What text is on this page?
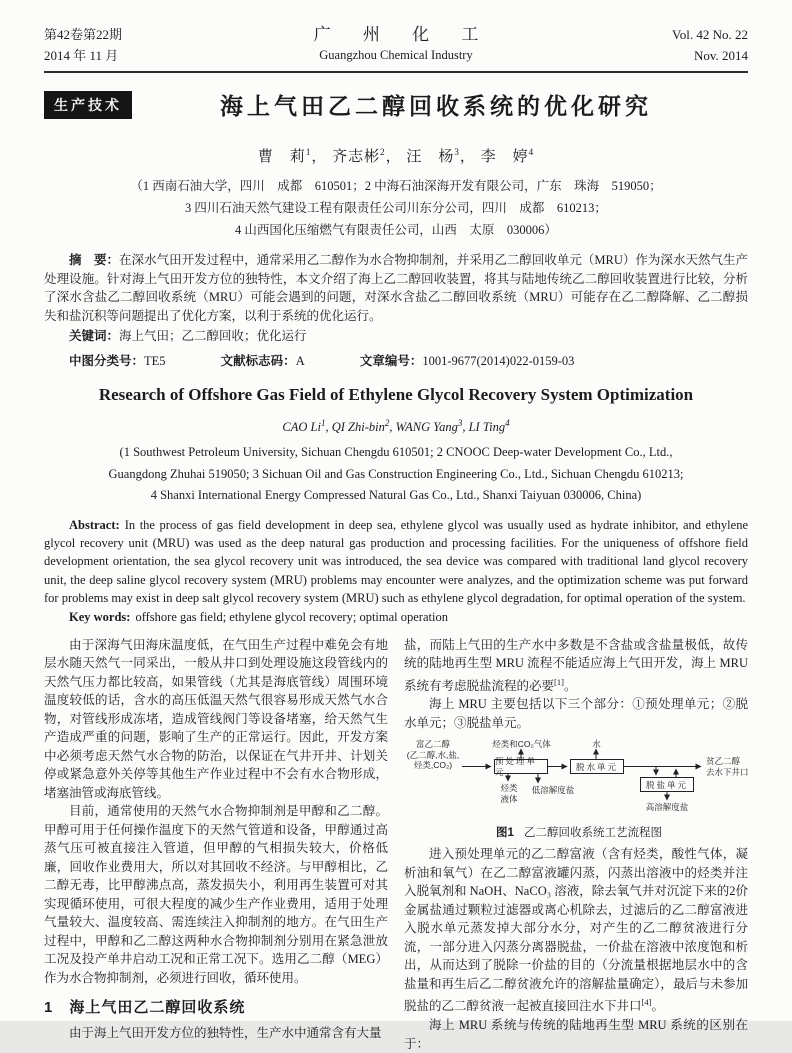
第42卷第22期
2014 年 11 月
广 州 化 工
Guangzhou Chemical Industry
Vol. 42 No. 22
Nov. 2014
生产技术	海上气田乙二醇回收系统的优化研究
曹　莉$^1$， 齐志彬$^2$， 汪　杨$^3$， 李　婷$^4$
（1 西南石油大学，四川　成都　610501；2 中海石油深海开发有限公司，广东　珠海　519050；
3 四川石油天然气建设工程有限责任公司川东分公司，四川　成都　610213；
4 山西国化压缩燃气有限责任公司，山西　太原　030006）

摘　要：在深水气田开发过程中，通常采用乙二醇作为水合物抑制剂，并采用乙二醇回收单元（MRU）作为深水天然气生产处理设施。针对海上气田开发方位的独特性，本文介绍了海上乙二醇回收装置，将其与陆地传统乙二醇回收装置进行比较，分析了深水含盐乙二醇回收系统（MRU）可能会遇到的问题，对深水含盐乙二醇回收系统（MRU）可能存在乙二醇降解、乙二醇损失和盐沉积等问题提出了优化方案，以利于系统的优化运行。

关键词：海上气田；乙二醇回收；优化运行

中图分类号：TE5	文献标志码：A	文章编号：1001-9677(2014)022-0159-03

Research of Offshore Gas Field of Ethylene Glycol Recovery System Optimization
CAO Li$^1$, QI Zhi-bin$^2$, WANG Yang$^3$, LI Ting$^4$
(1 Southwest Petroleum University, Sichuan Chengdu 610501; 2 CNOOC Deep-water Development Co., Ltd.,
Guangdong Zhuhai 519050; 3 Sichuan Oil and Gas Construction Engineering Co., Ltd., Sichuan Chengdu 610213;
4 Shanxi International Energy Compressed Natural Gas Co., Ltd., Shanxi Taiyuan 030006, China)

Abstract: In the process of gas field development in deep sea, ethylene glycol was usually used as hydrate inhibitor, and ethylene glycol recovery unit (MRU) was used as the deep natural gas production and processing facilities. For the uniqueness of offshore field development orientation, the sea glycol recovery unit was introduced, the sea device was compared with traditional land glycol recovery unit, the deep saline glycol recovery system (MRU) problems may encounter were analyzes, and the optimization scheme was put forward for problems may exist in deep salt glycol recovery system (MRU) such as ethylene glycol degradation, for optimal operation of the system.

Key words: offshore gas field; ethylene glycol recovery; optimal operation

由于深海气田海床温度低，在气田生产过程中难免会有地层水随天然气一同采出，一般从井口到处理设施这段管线内的天然气压力都比较高，如果管线（尤其是海底管线）周围环境温度较低的话，含水的高压低温天然气很容易形成天然气水合物，对管线形成冻堵，造成管线阀门等设备堵塞，给天然气生产造成严重的问题，影响了生产的正常运行。因此，开发方案中必须考虑天然气水合物的防治，以保证在气井开井、计划关停或紧急意外关停等其他生产作业过程中不会有水合物形成，堵塞油管或海底管线。

目前，通常使用的天然气水合物抑制剂是甲醇和乙二醇。甲醇可用于任何操作温度下的天然气管道和设备，甲醇通过高蒸气压可被直接注入管道，但甲醇的气相损失较大，价格低廉，回收作业费用大，所以对其回收不经济。与甲醇相比，乙二醇无毒，比甲醇沸点高，蒸发损失小，利用再生装置可对其实现循环使用，可很大程度的减少生产作业费用，适用于处理气量较大、温度较高、需连续注入抑制剂的地方。在气田生产过程中，甲醇和乙二醇这两种水合物抑制剂分别用在紧急泄放工况及投产单井启动工况和正常工况下。选用乙二醇（MEG）作为水合物抑制剂，必须进行回收，循环使用。

1 海上气田乙二醇回收系统

由于海上气田开发方位的独特性，生产水中通常含有大量

盐，而陆上气田的生产水中多数是不含盐或含盐量极低，故传统的陆地再生型 MRU 流程不能适应海上气田开发，海上 MRU 系统有考虑脱盐流程的必要[1]。

海上 MRU 主要包括以下三个部分：①预处理单元；②脱水单元；③脱盐单元。

富乙二醇
(乙二醇,水,盐,
烃类,CO₂)
烃类和CO₂气体
预处理单元
烃类
液体
低溶解度盐
水
脱水单元
脱盐单元
高溶解度盐
贫乙二醇
去水下井口
图1 乙二醇回收系统工艺流程图

进入预处理单元的乙二醇富液（含有烃类，酸性气体，凝析油和氧气）在乙二醇富液罐闪蒸，闪蒸出溶液中的烃类并注入脱氧剂和 NaOH、NaCO₃ 溶液，除去氧气并对沉淀下来的2价金属盐通过颗粒过滤器或离心机除去，过滤后的乙二醇富液进入脱水单元蒸发掉大部分水分，对产生的乙二醇贫液进行分流，一部分进入闪蒸分离器脱盐，一价盐在溶液中浓度饱和析出，从而达到了脱除一价盐的目的（分流量根据地层水中的含盐量和再生后乙二醇贫液允许的溶解盐量确定），最后与未参加脱盐的乙二醇贫液一起被直接回注水下井口[4]。

海上 MRU 系统与传统的陆地再生型 MRU 系统的区别在于：
